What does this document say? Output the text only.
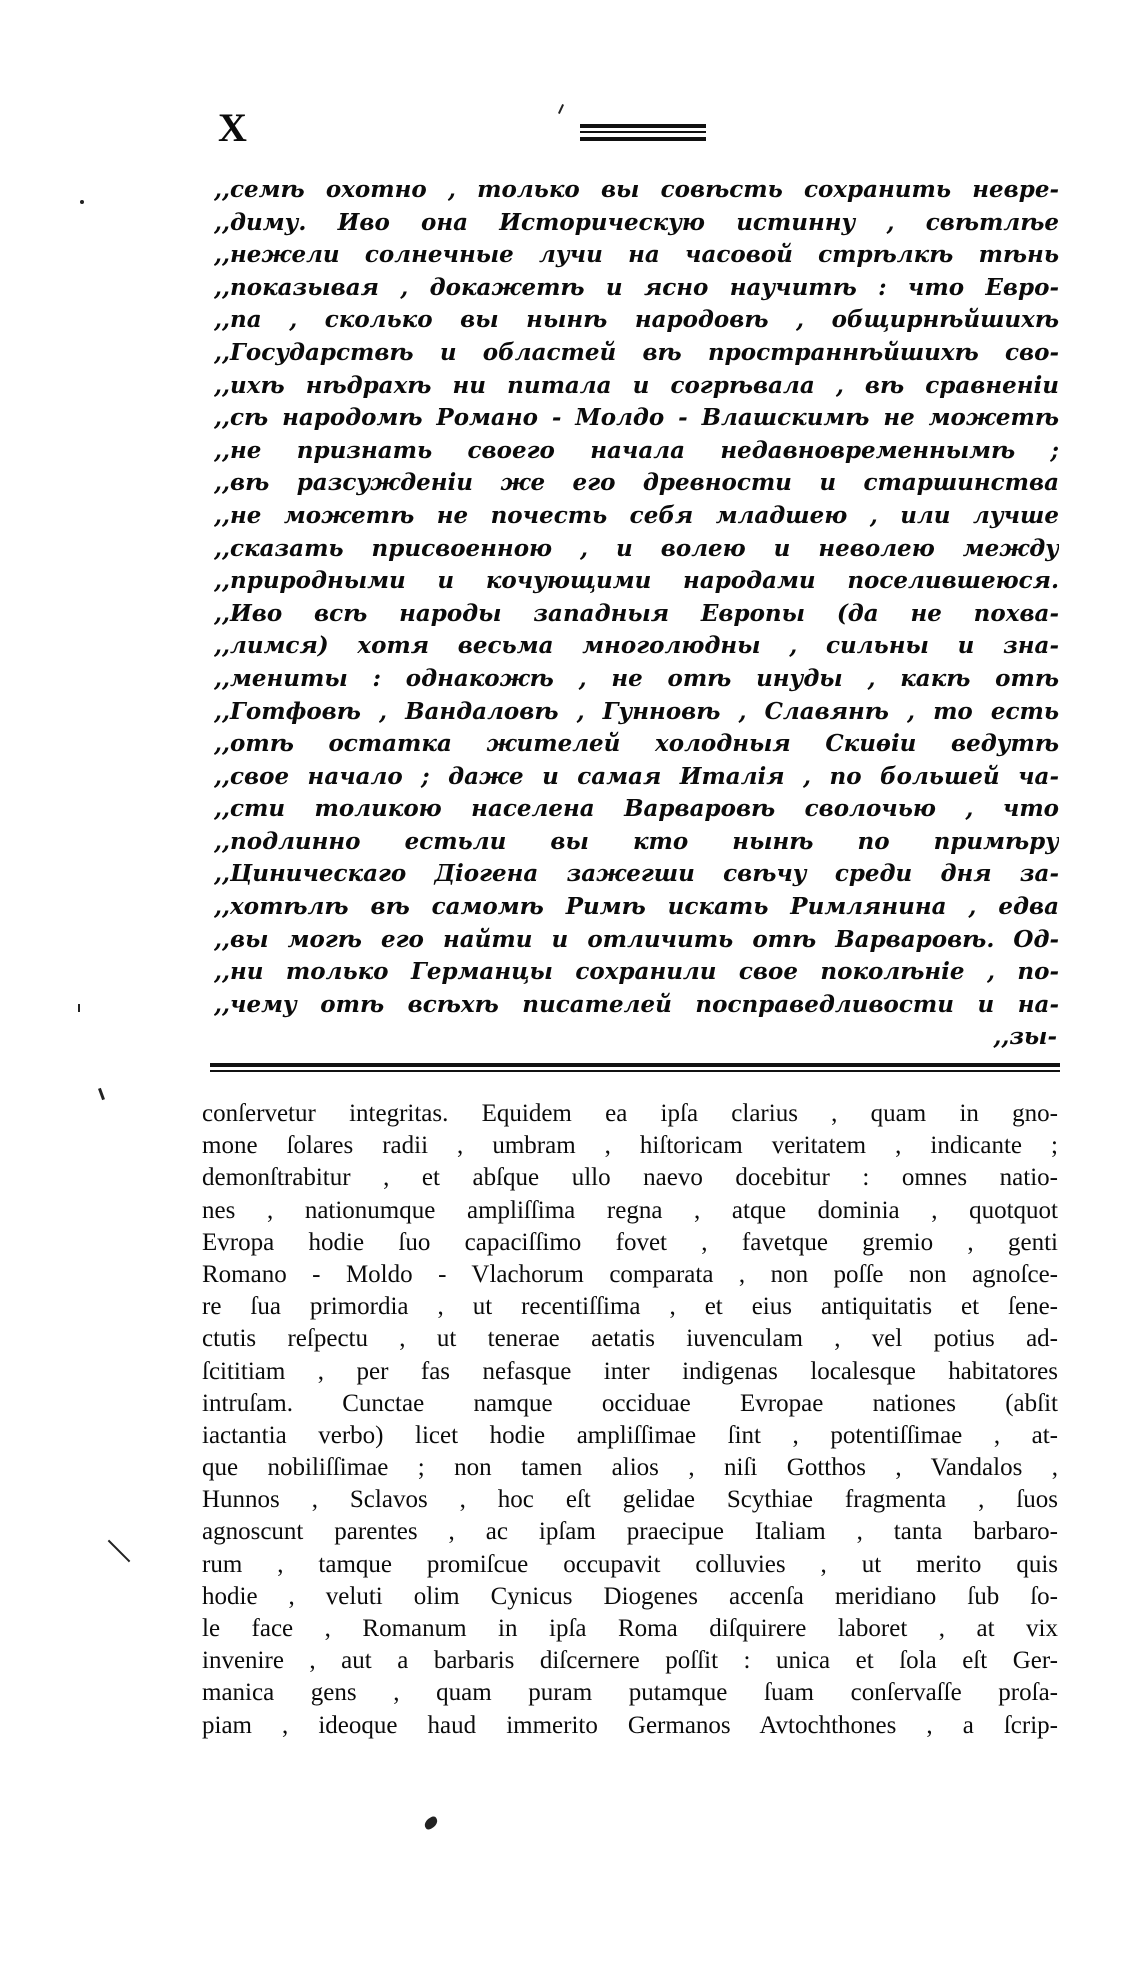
X
,,семѣ охотно , только вы совѣсть сохранить невре-
,,диму. Иво она Историческую истинну , свѣтлѣе
,,нежели солнечные лучи на часовой стрѣлкѣ тѣнь
,,показывая , докажетѣ и ясно научитѣ : что Евро-
,,па , сколько вы нынѣ народовѣ , общирнѣйшихѣ
,,Государствѣ и областей вѣ пространнѣйшихѣ сво-
,,ихѣ нѣдрахѣ ни питала и согрѣвала , вѣ сравненіи
,,сѣ народомѣ Романо - Молдо - Влашскимѣ не можетѣ
,,не признать своего начала недавновременнымѣ ;
,,вѣ разсужденіи же его древности и старшинства
,,не можетѣ не почесть себя младшею , или лучше
,,сказать присвоенною , и волею и неволею между
,,природными и кочующими народами поселившеюся.
,,Иво всѣ народы западныя Европы (да не похва-
,,лимся) хотя весьма многолюдны , сильны и зна-
,,мениты : однакожѣ , не отѣ инуды , какѣ отѣ
,,Готфовѣ , Вандаловѣ , Гунновѣ , Славянѣ , то есть
,,отѣ остатка жителей холодныя Скиѳіи ведутѣ
,,свое начало ; даже и самая Италія , по большей ча-
,,сти толикою населена Варваровѣ сволочью , что
,,подлинно естьли вы кто нынѣ по примѣру
,,Циническаго Діогена зажегши свѣчу среди дня за-
,,хотѣлѣ вѣ самомѣ Римѣ искать Римлянина , едва
,,вы могѣ его найти и отличить отѣ Варваровѣ. Од-
,,ни только Германцы сохранили свое поколѣніе , по-
,,чему отѣ всѣхѣ писателей посправедливости и на-
,,зы-
conſervetur integritas. Equidem ea ipſa clarius , quam in gno-
mone ſolares radii , umbram , hiſtoricam veritatem , indicante ;
demonſtrabitur , et abſque ullo naevo docebitur : omnes natio-
nes , nationumque ampliſſima regna , atque dominia , quotquot
Evropa hodie ſuo capaciſſimo fovet , favetque gremio , genti
Romano - Moldo - Vlachorum comparata , non poſſe non agnoſce-
re ſua primordia , ut recentiſſima , et eius antiquitatis et ſene-
ctutis reſpectu , ut tenerae aetatis iuvenculam , vel potius ad-
ſcititiam , per fas nefasque inter indigenas localesque habitatores
intruſam. Cunctae namque occiduae Evropae nationes (abſit
iactantia verbo) licet hodie ampliſſimae ſint , potentiſſimae , at-
que nobiliſſimae ; non tamen alios , niſi Gotthos , Vandalos ,
Hunnos , Sclavos , hoc eſt gelidae Scythiae fragmenta , ſuos
agnoscunt parentes , ac ipſam praecipue Italiam , tanta barbaro-
rum , tamque promiſcue occupavit colluvies , ut merito quis
hodie , veluti olim Cynicus Diogenes accenſa meridiano ſub ſo-
le face , Romanum in ipſa Roma diſquirere laboret , at vix
invenire , aut a barbaris diſcernere poſſit : unica et ſola eſt Ger-
manica gens , quam puram putamque ſuam conſervaſſe proſa-
piam , ideoque haud immerito Germanos Avtochthones , a ſcrip-
